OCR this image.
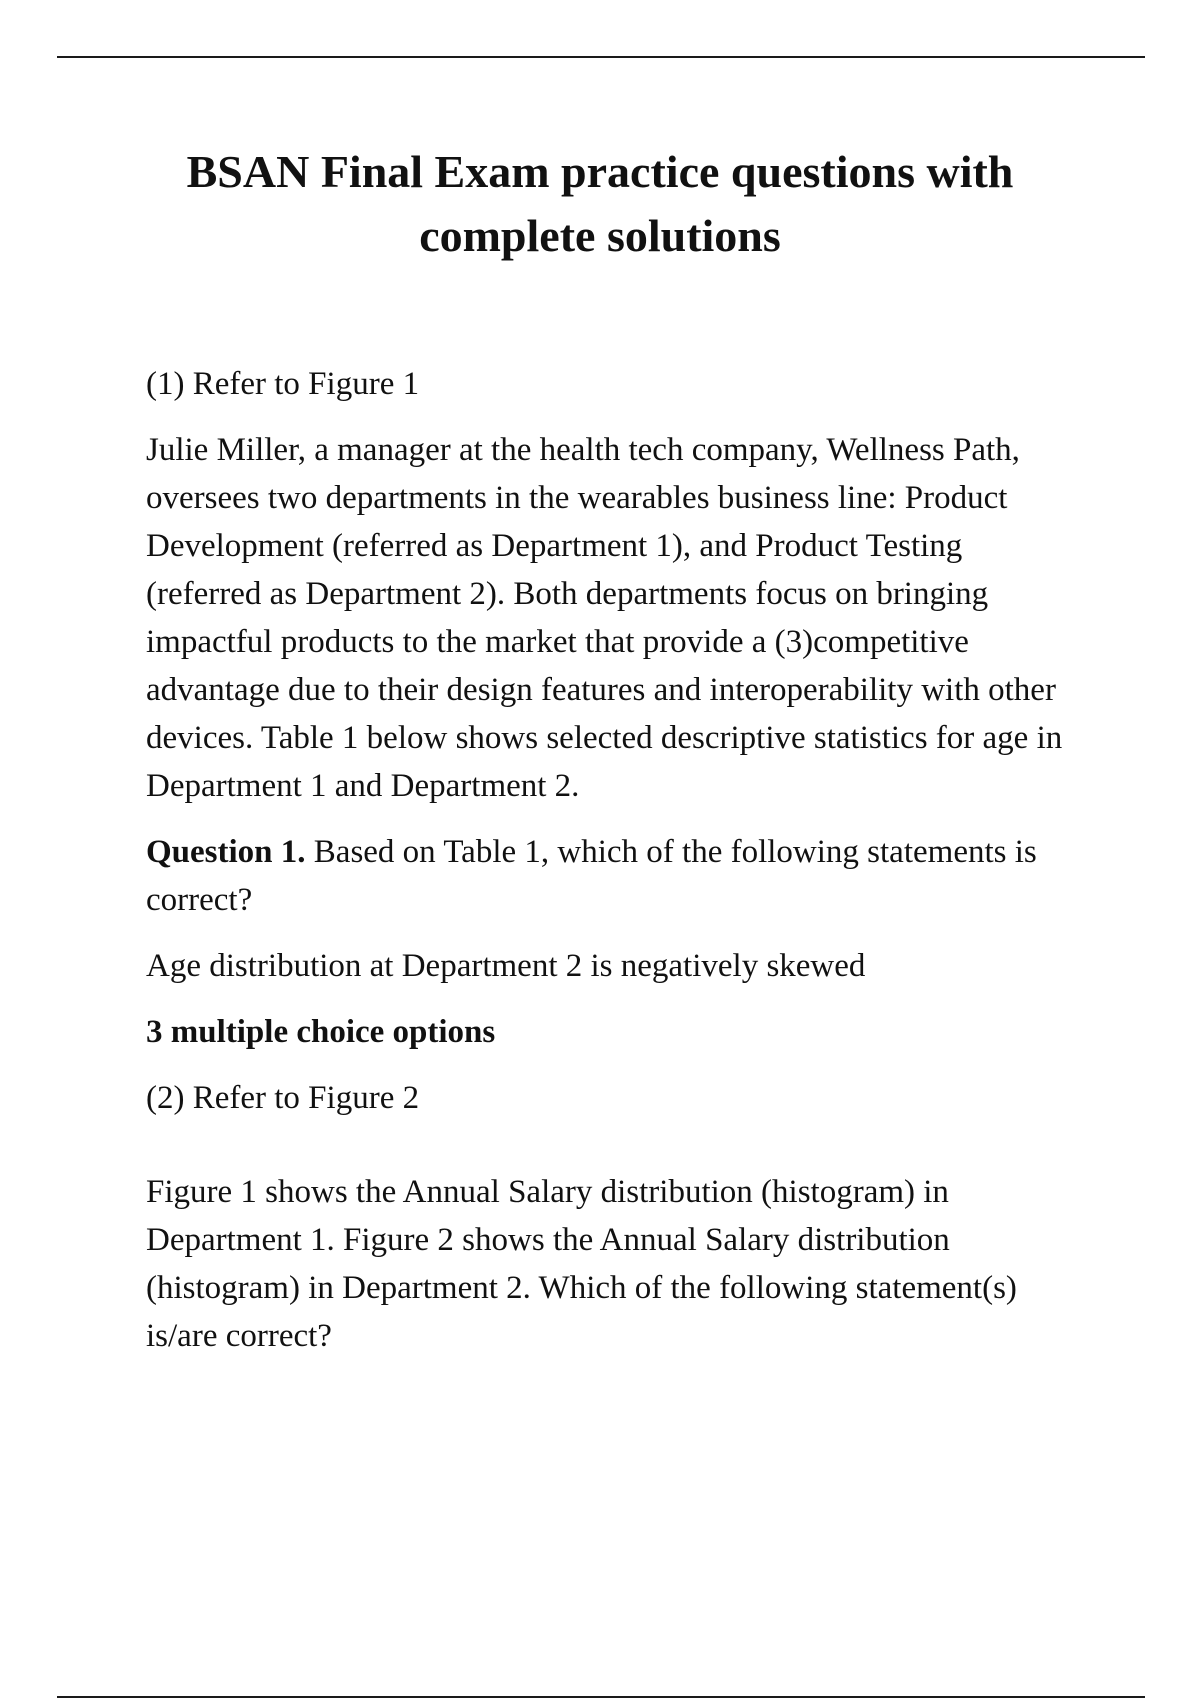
BSAN Final Exam practice questions with complete solutions

(1) Refer to Figure 1

Julie Miller, a manager at the health tech company, Wellness Path, oversees two departments in the wearables business line: Product Development (referred as Department 1), and Product Testing (referred as Department 2). Both departments focus on bringing impactful products to the market that provide a (3)competitive advantage due to their design features and interoperability with other devices. Table 1 below shows selected descriptive statistics for age in Department 1 and Department 2.

Question 1. Based on Table 1, which of the following statements is correct?

Age distribution at Department 2 is negatively skewed

3 multiple choice options

(2) Refer to Figure 2

Figure 1 shows the Annual Salary distribution (histogram) in Department 1. Figure 2 shows the Annual Salary distribution (histogram) in Department 2. Which of the following statement(s) is/are correct?
